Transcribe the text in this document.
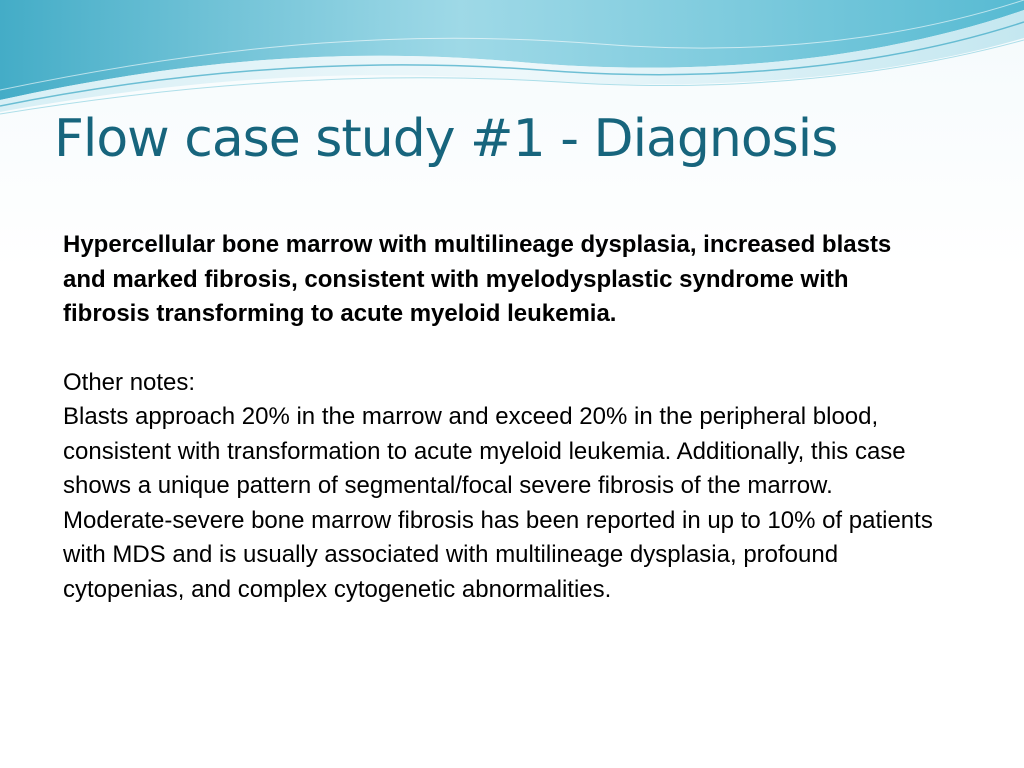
Flow case study #1 - Diagnosis

Hypercellular bone marrow with multilineage dysplasia, increased blasts and marked fibrosis, consistent with myelodysplastic syndrome with fibrosis transforming to acute myeloid leukemia.

Other notes:

Blasts approach 20% in the marrow and exceed 20% in the peripheral blood, consistent with transformation to acute myeloid leukemia. Additionally, this case shows a unique pattern of segmental/focal severe fibrosis of the marrow. Moderate-severe bone marrow fibrosis has been reported in up to 10% of patients with MDS and is usually associated with multilineage dysplasia, profound cytopenias, and complex cytogenetic abnormalities.
